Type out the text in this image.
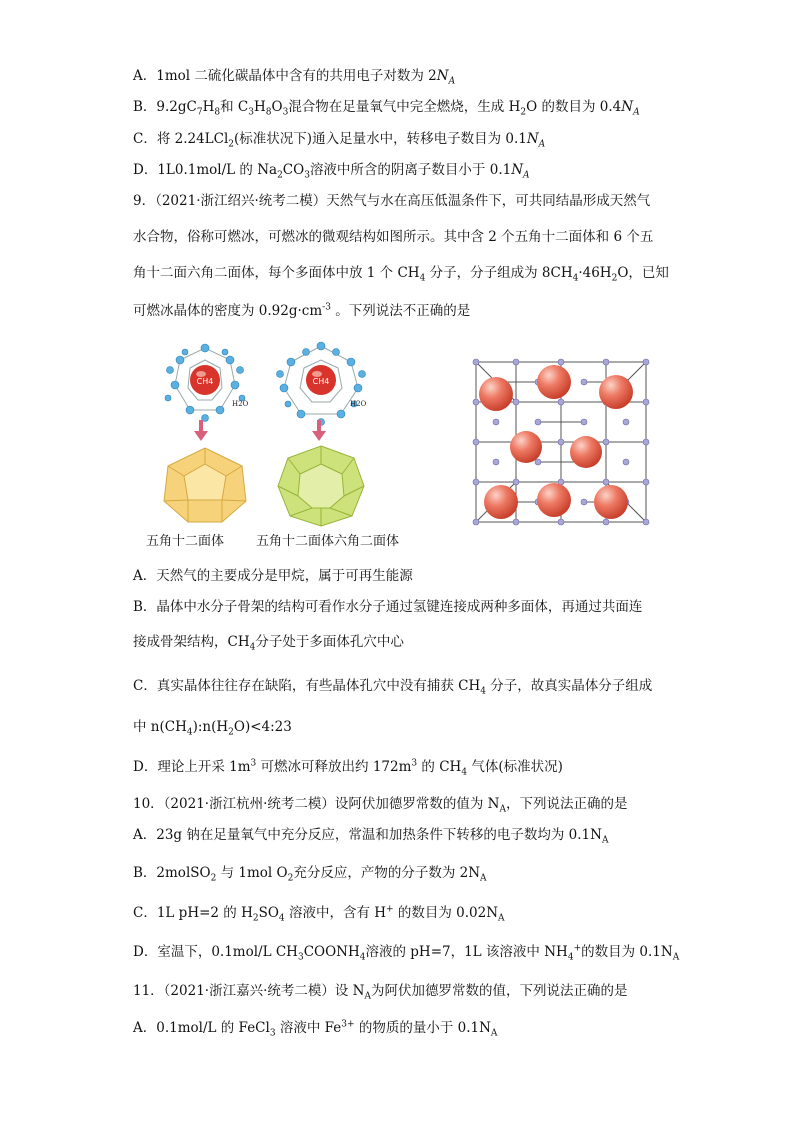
A．1mol 二硫化碳晶体中含有的共用电子对数为 $2N_A$
B．$9.2gC_7H_8$和 $C_3H_8O_3$混合物在足量氧气中完全燃烧，生成 $H_2O$ 的数目为 $0.4N_A$
C．将 2.24LCl$_2$(标准状况下)通入足量水中，转移电子数目为 $0.1N_A$
D．1L0.1mol/L 的 $Na_2CO_3$溶液中所含的阴离子数目小于 $0.1N_A$
9．（2021·浙江绍兴·统考二模）天然气与水在高压低温条件下，可共同结晶形成天然气
水合物，俗称可燃冰，可燃冰的微观结构如图所示。其中含 2 个五角十二面体和 6 个五
角十二面六角二面体，每个多面体中放 1 个 $CH_4$ 分子，分子组成为 $8CH_4\cdot 46H_2O$，已知
可燃冰晶体的密度为 $0.92g\cdot cm^{-3}$ 。下列说法不正确的是
CH4
H2O
CH4
H2O
五角十二面体 五角十二面体六角二面体
A．天然气的主要成分是甲烷，属于可再生能源
B．晶体中水分子骨架的结构可看作水分子通过氢键连接成两种多面体，再通过共面连
接成骨架结构，$CH_4$分子处于多面体孔穴中心
C．真实晶体往往存在缺陷，有些晶体孔穴中没有捕获 $CH_4$ 分子，故真实晶体分子组成
中 $n(CH_4):n(H_2O)<4:23$
D．理论上开采 $1m^3$ 可燃冰可释放出约 $172m^3$ 的 $CH_4$ 气体(标准状况)
10．（2021·浙江杭州·统考二模）设阿伏加德罗常数的值为 $N_A$，下列说法正确的是
A．23g 钠在足量氧气中充分反应，常温和加热条件下转移的电子数均为 $0.1N_A$
B．2molSO$_2$ 与 1mol $O_2$充分反应，产物的分子数为 $2N_A$
C．1L pH=2 的 $H_2SO_4$ 溶液中，含有 H+ 的数目为 $0.02N_A$
D．室温下，0.1mol/L $CH_3COONH_4$溶液的 pH=7，1L 该溶液中 $NH_4^+$的数目为 $0.1N_A$
11．（2021·浙江嘉兴·统考二模）设 $N_A$为阿伏加德罗常数的值，下列说法正确的是
A．0.1mol/L 的 FeCl$_3$ 溶液中 $Fe^{3+}$ 的物质的量小于 $0.1N_A$
